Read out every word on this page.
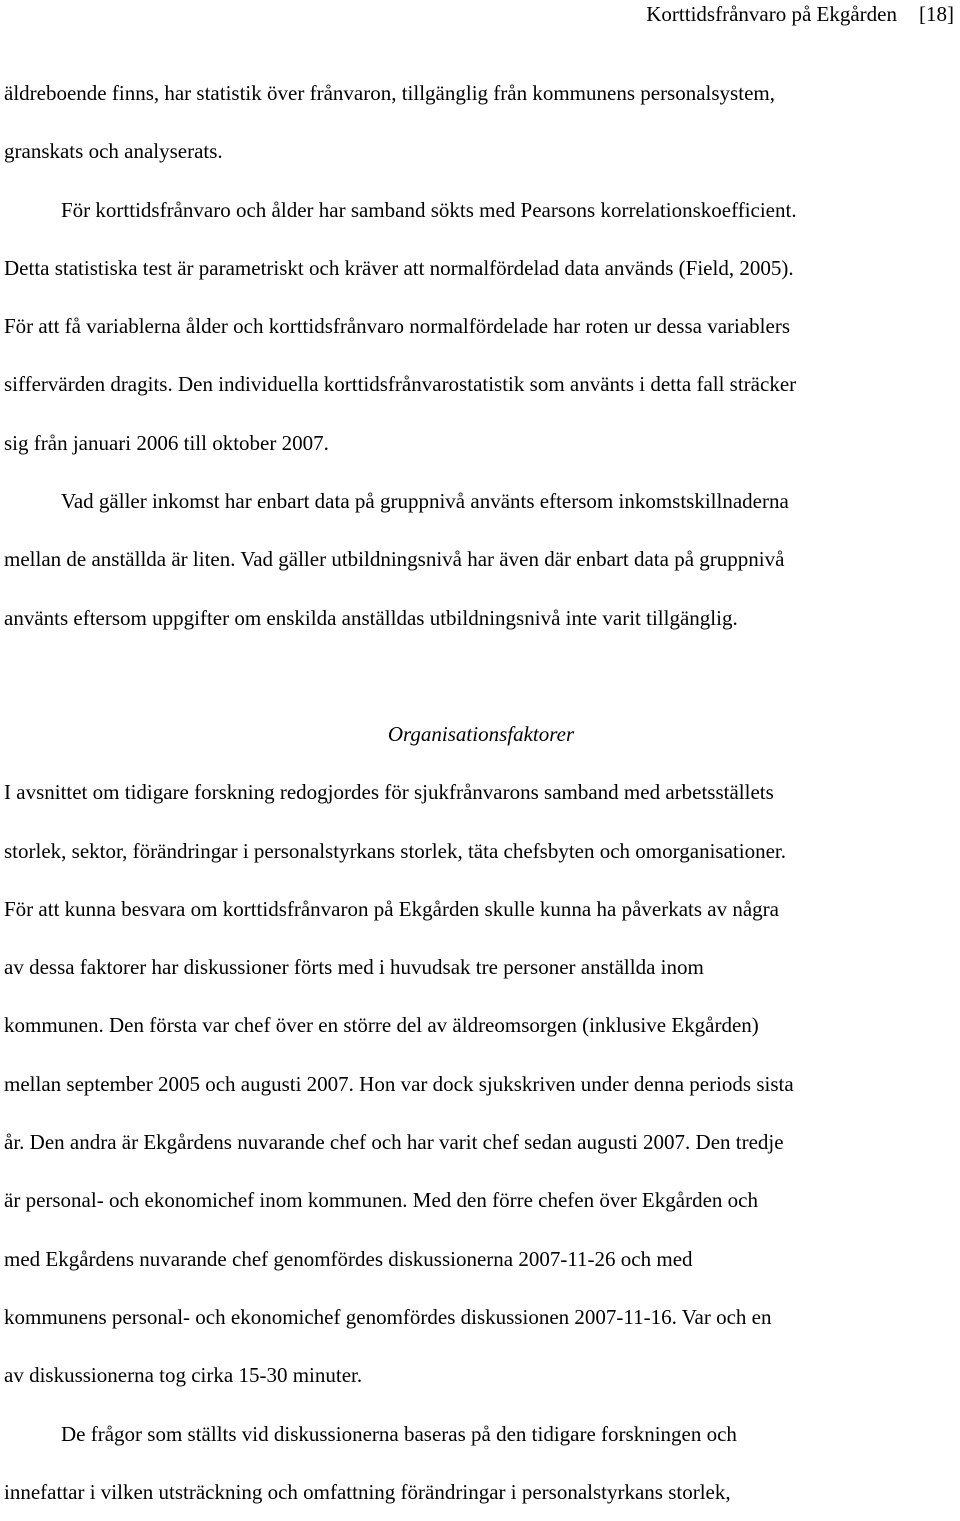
Korttidsfrånvaro på Ekgården [18]

äldreboende finns, har statistik över frånvaron, tillgänglig från kommunens personalsystem,

granskats och analyserats.

För korttidsfrånvaro och ålder har samband sökts med Pearsons korrelationskoefficient.

Detta statistiska test är parametriskt och kräver att normalfördelad data används (Field, 2005).

För att få variablerna ålder och korttidsfrånvaro normalfördelade har roten ur dessa variablers

siffervärden dragits. Den individuella korttidsfrånvarostatistik som använts i detta fall sträcker

sig från januari 2006 till oktober 2007.

Vad gäller inkomst har enbart data på gruppnivå använts eftersom inkomstskillnaderna

mellan de anställda är liten. Vad gäller utbildningsnivå har även där enbart data på gruppnivå

använts eftersom uppgifter om enskilda anställdas utbildningsnivå inte varit tillgänglig.

Organisationsfaktorer

I avsnittet om tidigare forskning redogjordes för sjukfrånvarons samband med arbetsställets

storlek, sektor, förändringar i personalstyrkans storlek, täta chefsbyten och omorganisationer.

För att kunna besvara om korttidsfrånvaron på Ekgården skulle kunna ha påverkats av några

av dessa faktorer har diskussioner förts med i huvudsak tre personer anställda inom

kommunen. Den första var chef över en större del av äldreomsorgen (inklusive Ekgården)

mellan september 2005 och augusti 2007. Hon var dock sjukskriven under denna periods sista

år. Den andra är Ekgårdens nuvarande chef och har varit chef sedan augusti 2007. Den tredje

är personal- och ekonomichef inom kommunen. Med den förre chefen över Ekgården och

med Ekgårdens nuvarande chef genomfördes diskussionerna 2007-11-26 och med

kommunens personal- och ekonomichef genomfördes diskussionen 2007-11-16. Var och en

av diskussionerna tog cirka 15-30 minuter.

De frågor som ställts vid diskussionerna baseras på den tidigare forskningen och

innefattar i vilken utsträckning och omfattning förändringar i personalstyrkans storlek,
